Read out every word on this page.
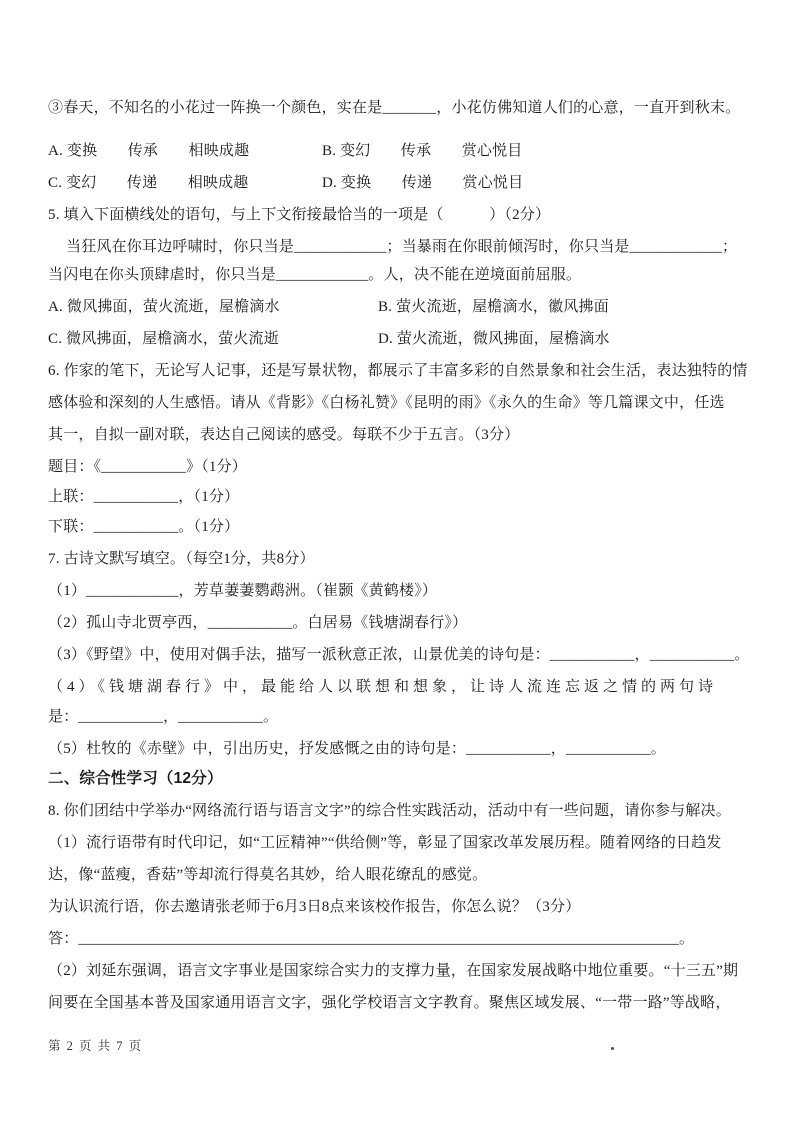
③春天，不知名的小花过一阵换一个颜色，实在是_______，小花仿佛知道人们的心意，一直开到秋末。
A. 变换　　传承　　相映成趣	B. 变幻　　传承　　赏心悦目
C. 变幻　　传递　　相映成趣	D. 变换　　传递　　赏心悦目
5. 填入下面横线处的语句，与上下文衔接最恰当的一项是（　　　）（2分）
当狂风在你耳边呼啸时，你只当是____________；当暴雨在你眼前倾泻时，你只当是____________；
当闪电在你头顶肆虐时，你只当是____________。人，决不能在逆境面前屈服。
A. 微风拂面，萤火流逝，屋檐滴水	B. 萤火流逝，屋檐滴水，徽风拂面
C. 微风拂面，屋檐滴水，萤火流逝	D. 萤火流逝，微风拂面，屋檐滴水
6. 作家的笔下，无论写人记事，还是写景状物，都展示了丰富多彩的自然景象和社会生活，表达独特的情
感体验和深刻的人生感悟。请从《背影》《白杨礼赞》《昆明的雨》《永久的生命》等几篇课文中，任选
其一，自拟一副对联，表达自己阅读的感受。每联不少于五言。（3分）
题目：《___________》（1分）
上联：___________，（1分）
下联：___________。（1分）
7. 古诗文默写填空。（每空1分，共8分）
（1）____________，芳草萋萋鹦鹉洲。（崔颢《黄鹤楼》）
（2）孤山寺北贾亭西，___________。白居易《钱塘湖春行》）
（3）《野望》中，使用对偶手法，描写一派秋意正浓，山景优美的诗句是：___________，___________。
（4）《钱塘湖春行》中，最能给人以联想和想象，让诗人流连忘返之情的两句诗
是：___________，___________。
（5）杜牧的《赤壁》中，引出历史，抒发感慨之由的诗句是：___________，___________。
二、综合性学习（12分）
8. 你们团结中学举办“网络流行语与语言文字”的综合性实践活动，活动中有一些问题，请你参与解决。
（1）流行语带有时代印记，如“工匠精神”“供给侧”等，彰显了国家改革发展历程。随着网络的日趋发
达，像“蓝瘦，香菇”等却流行得莫名其妙，给人眼花缭乱的感觉。
为认识流行语，你去邀请张老师于6月3日8点来该校作报告，你怎么说？（3分）
答：______________________________________________________________________________。
（2）刘延东强调，语言文字事业是国家综合实力的支撑力量，在国家发展战略中地位重要。“十三五”期
间要在全国基本普及国家通用语言文字，强化学校语言文字教育。聚焦区域发展、“一带一路”等战略，
第 2 页 共 7 页
